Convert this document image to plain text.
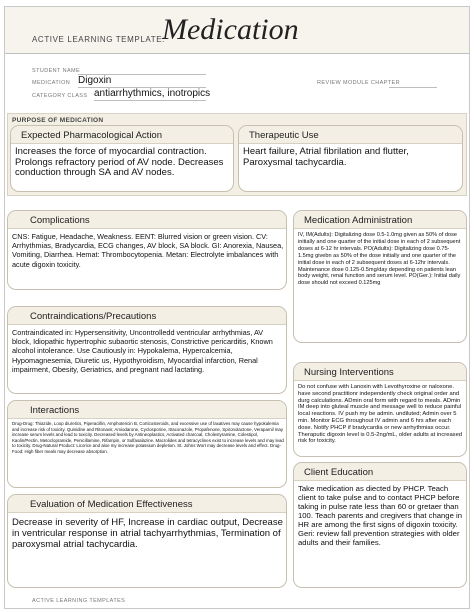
ACTIVE LEARNING TEMPLATE:
Medication
STUDENT NAME
MEDICATION Digoxin	REVIEW MODULE CHAPTER
CATEGORY CLASS antiarrhythmics, inotropics
PURPOSE OF MEDICATION
Expected Pharmacological Action
Increases the force of myocardial contraction. Prolongs refractory period of AV node. Decreases conduction through SA and AV nodes.
Therapeutic Use
Heart failure, Atrial fibrilation and flutter, Paroxysmal tachycardia.
Complications
CNS: Fatigue, Headache, Weakness. EENT: Blurred vision or green vision. CV: Arrhythmias, Bradycardia, ECG changes, AV block, SA block. GI: Anorexia, Nausea, Vomiting, Diarrhea. Hemat: Thrombocytopenia. Metan: Electrolyte imbalances with acute digoxin toxicity.
Medication Administration
IV, IM(Adults): Digitalizing dose 0.5-1.0mg given as 50% of dose initially and one quarter of the initial dose in each of 2 subsequent doses at 6-12 hr intervals. PO(Adults): Digitalizing dose 0.75-1.5mg givebn as 50% of the dose initially and one quarter of the initial dose in each of 2 subsequent doses at 6-12hr intervals. Maintenance dose 0.125-0.5mg/day depending on patients lean body weight, renal function and serum level. PO(Ger.): Initial daily dose should not exceed 0.125mg
Contraindications/Precautions
Contraindicated in: Hypersensitivity, Uncontrolledd ventricular arrhythmias, AV block, Idiopathic hypertrophic subaortic stenosis, Constrictive pericarditis, Known alcohol intolerance. Use Cautiously in: Hypokalema, Hypercalcemia, Hypomagnesemia, Diuretic us, Hypothyroidism, Myocardial infarction, Renal impairment, Obesity, Geriatrics, and pregnant nad lactating.	Nursing Interventions
Do not confuse with Lanoxin with Levothyroxine or naloxone. have second practitionr independently check original order and durg calculations. ADmin oral form with regard to meals. ADmin IM deep into gluteal muscle and message well to reduce painful local reactions. IV push my be admin. undiluted; Admin over 5 min. Monitor ECG throughout IV admin and 6 hrs after each dose. Notify PHCP if bradycardia or new arrhythmias occur. Theraputic digoxin level is 0.5-2ng/mL, older adults at increased risk for toxicity.
Interactions
Drug-Drug: Thiazide, Loop diuretics, Piperacillin, Amphotericin B, Corticosteroids, and excessive use of laxatives may cause hypokalemia and increase risk of toxicity. Quinidine and Ritonavir, Amiodarone, Cyclosporine, Itraconazole, Propafenone, Spironolactone, Verapamil may increase serum levels and lead to toxicity. Decreased levels by Antineoplastics, Activated charcoal, Cholestyramine, Colestipol, Kaolin/Pectin, Metoclopramide, Penicillamine, Rifampin, or Sulfasalazine. Macrolides and tetracyclines exist to increase levels and may lead to toxicity. Drug-Natural Product: Licorice and aloe my increase potassium depletion. St. Johns Wort may decrease levels and effect. Drug-Food: High fiber meals may decrease absorption.
Client Education
Take medication as diected by PHCP. Teach client to take pulse and to contact PHCP before taking in pulse rate less than 60 or gretaer than 100. Teach parents and cregivers that change in HR are among the first signs of digoxin toxicity. Geri: review fall prevention strategies with older adults and their families.
Evaluation of Medication Effectiveness
Decrease in severity of HF, Increase in cardiac output, Decrease in ventricular response in atrial tachyarrhythmias, Termination of paroxysmal atrial tachycardia.
ACTIVE LEARNING TEMPLATES
